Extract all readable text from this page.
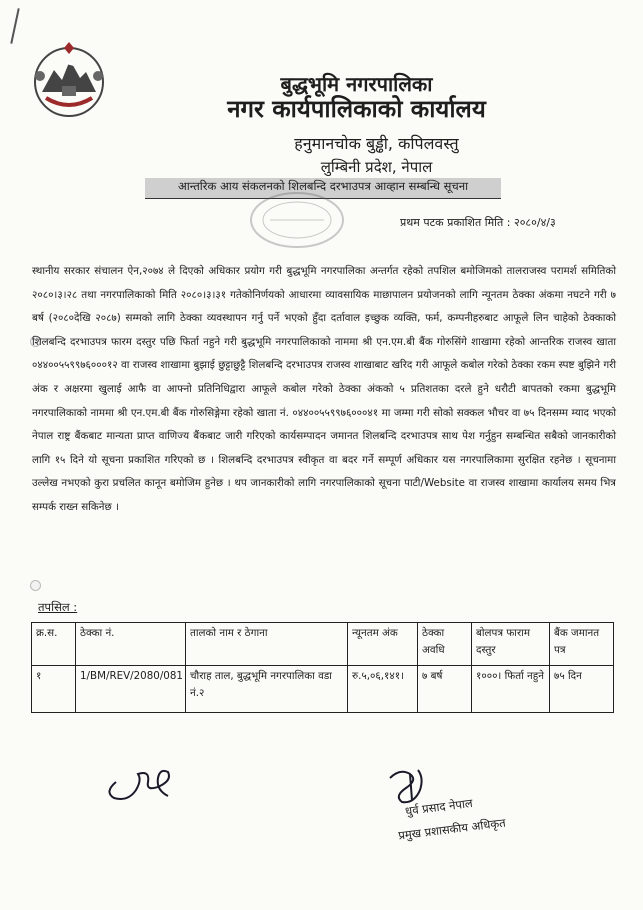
बुद्धभूमि नगरपालिका
नगर कार्यपालिकाको कार्यालय
हनुमानचोक बुड्ढी, कपिलवस्तु
लुम्बिनी प्रदेश, नेपाल
आन्तरिक आय संकलनको शिलबन्दि दरभाउपत्र आव्हान सम्बन्धि सूचना
प्रथम पटक प्रकाशित मिति : २०८०/४/३
स्थानीय सरकार संचालन ऐन,२०७४ ले दिएको अधिकार प्रयोग गरी बुद्धभूमि नगरपालिका अन्तर्गत रहेको तपशिल बमोजिमको तालराजस्व परामर्श समितिको २०८०।३।२८ तथा नगरपालिकाको मिति २०८०।३।३१ गतेकोनिर्णयको आधारमा व्यावसायिक माछापालन प्रयोजनको लागि न्यूनतम ठेक्का अंकमा नघटने गरी ७ बर्ष (२०८०देखि २०८७) सम्मको लागि ठेक्का व्यवस्थापन गर्नु पर्ने भएको हुँदा दर्तावाल इच्छुक व्यक्ति, फर्म, कम्पनीहरुबाट आफूले लिन चाहेको ठेक्काको शिलबन्दि दरभाउपत्र फारम दस्तुर पछि फिर्ता नहुने गरी बुद्धभूमि नगरपालिकाको नाममा श्री एन.एम.बी बैंक गोरुसिंगे शाखामा रहेको आन्तरिक राजस्व खाता ०४४००५५९९७६०००१२ वा राजस्व शाखामा बुझाई छुट्टाछुट्टै शिलबन्दि दरभाउपत्र राजस्व शाखाबाट खरिद गरी आफूले कबोल गरेको ठेक्का रकम स्पष्ट बुझिने गरी अंक र अक्षरमा खुलाई आफै वा आफ्नो प्रतिनिधिद्वारा आफूले कबोल गरेको ठेक्का अंकको ५ प्रतिशतका दरले हुने धरौटी बापतको रकमा बुद्धभूमि नगरपालिकाको नाममा श्री एन.एम.बी बैंक गोरुसिङ्गेमा रहेको खाता नं. ०४४००५५९९७६०००४१ मा जम्मा गरी सोको सक्कल भौचर वा ७५ दिनसम्म म्याद भएको नेपाल राष्ट्र बैंकबाट मान्यता प्राप्त वाणिज्य बैंकबाट जारी गरिएको कार्यसम्पादन जमानत शिलबन्दि दरभाउपत्र साथ पेश गर्नुहुन सम्बन्धित सबैको जानकारीको लागि १५ दिने यो सूचना प्रकाशित गरिएको छ । शिलबन्दि दरभाउपत्र स्वीकृत वा बदर गर्ने सम्पूर्ण अधिकार यस नगरपालिकामा सुरक्षित रहनेछ । सूचनामा उल्लेख नभएको कुरा प्रचलित कानून बमोजिम हुनेछ । थप जानकारीको लागि नगरपालिकाको सूचना पाटी/Website वा राजस्व शाखामा कार्यालय समय भित्र सम्पर्क राख्न सकिनेछ ।
तपसिल :
क्र.स.	ठेक्का नं.	तालको नाम र ठेगाना	न्यूनतम अंक	ठेक्का अवधि	बोलपत्र फाराम दस्तुर	बैंक जमानत पत्र
१	1/BM/REV/2080/081	चौराह ताल, बुद्धभूमि नगरपालिका वडा नं.२	रु.५,०६,१४१।	७ बर्ष	१०००। फिर्ता नहुने	७५ दिन
धुर्व प्रसाद नेपाल
प्रमुख प्रशासकीय अधिकृत
